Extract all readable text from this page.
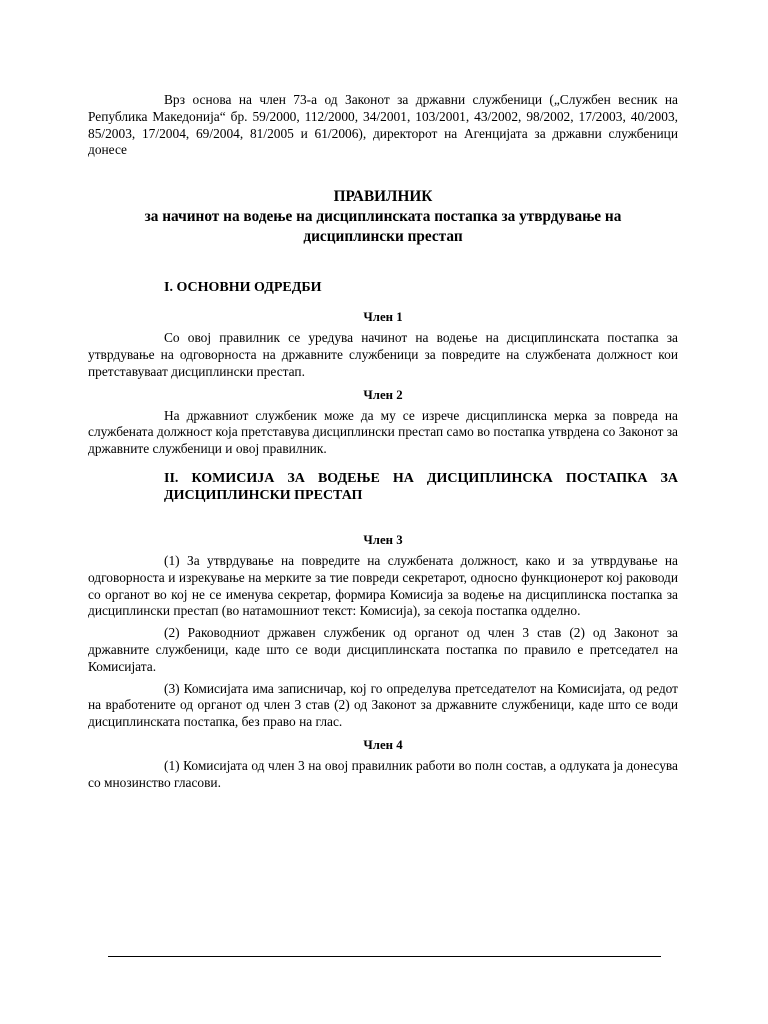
Врз основа на член 73-а од Законот за државни службеници („Службен весник на Република Македонија“ бр. 59/2000, 112/2000, 34/2001, 103/2001, 43/2002, 98/2002, 17/2003, 40/2003, 85/2003, 17/2004, 69/2004, 81/2005 и 61/2006), директорот на Агенцијата за државни службеници донесе

ПРАВИЛНИК

за начинот на водење на дисциплинската постапка за утврдување на

дисциплински престап

I. ОСНОВНИ ОДРЕДБИ

Член 1

Со овој правилник се уредува начинот на водење на дисциплинската постапка за утврдување на одговорноста на државните службеници за повредите на службената должност кои претставуваат дисциплински престап.

Член 2

На државниот службеник може да му се изрече дисциплинска мерка за повреда на службената должност која претставува дисциплински престап само во постапка утврдена со Законот за државните службеници и овој правилник.

II. КОМИСИЈА ЗА ВОДЕЊЕ НА ДИСЦИПЛИНСКА ПОСТАПКА ЗА ДИСЦИПЛИНСКИ ПРЕСТАП

Член 3

(1) За утврдување на повредите на службената должност, како и за утврдување на одговорноста и изрекување на мерките за тие повреди секретарот, односно функционерот кој раководи со органот во кој не се именува секретар, формира Комисија за водење на дисциплинска постапка за дисциплински престап (во натамошниот текст: Комисија), за секоја постапка одделно.

(2) Раководниот државен службеник од органот од член 3 став (2) од Законот за државните службеници, каде што се води дисциплинската постапка по правило е претседател на Комисијата.

(3) Комисијата има записничар, кој го определува претседателот на Комисијата, од редот на вработените од органот од член 3 став (2) од Законот за државните службеници, каде што се води дисциплинската постапка, без право на глас.

Член 4

(1) Комисијата од член 3 на овој правилник работи во полн состав, а одлуката ја донесува со мнозинство гласови.
